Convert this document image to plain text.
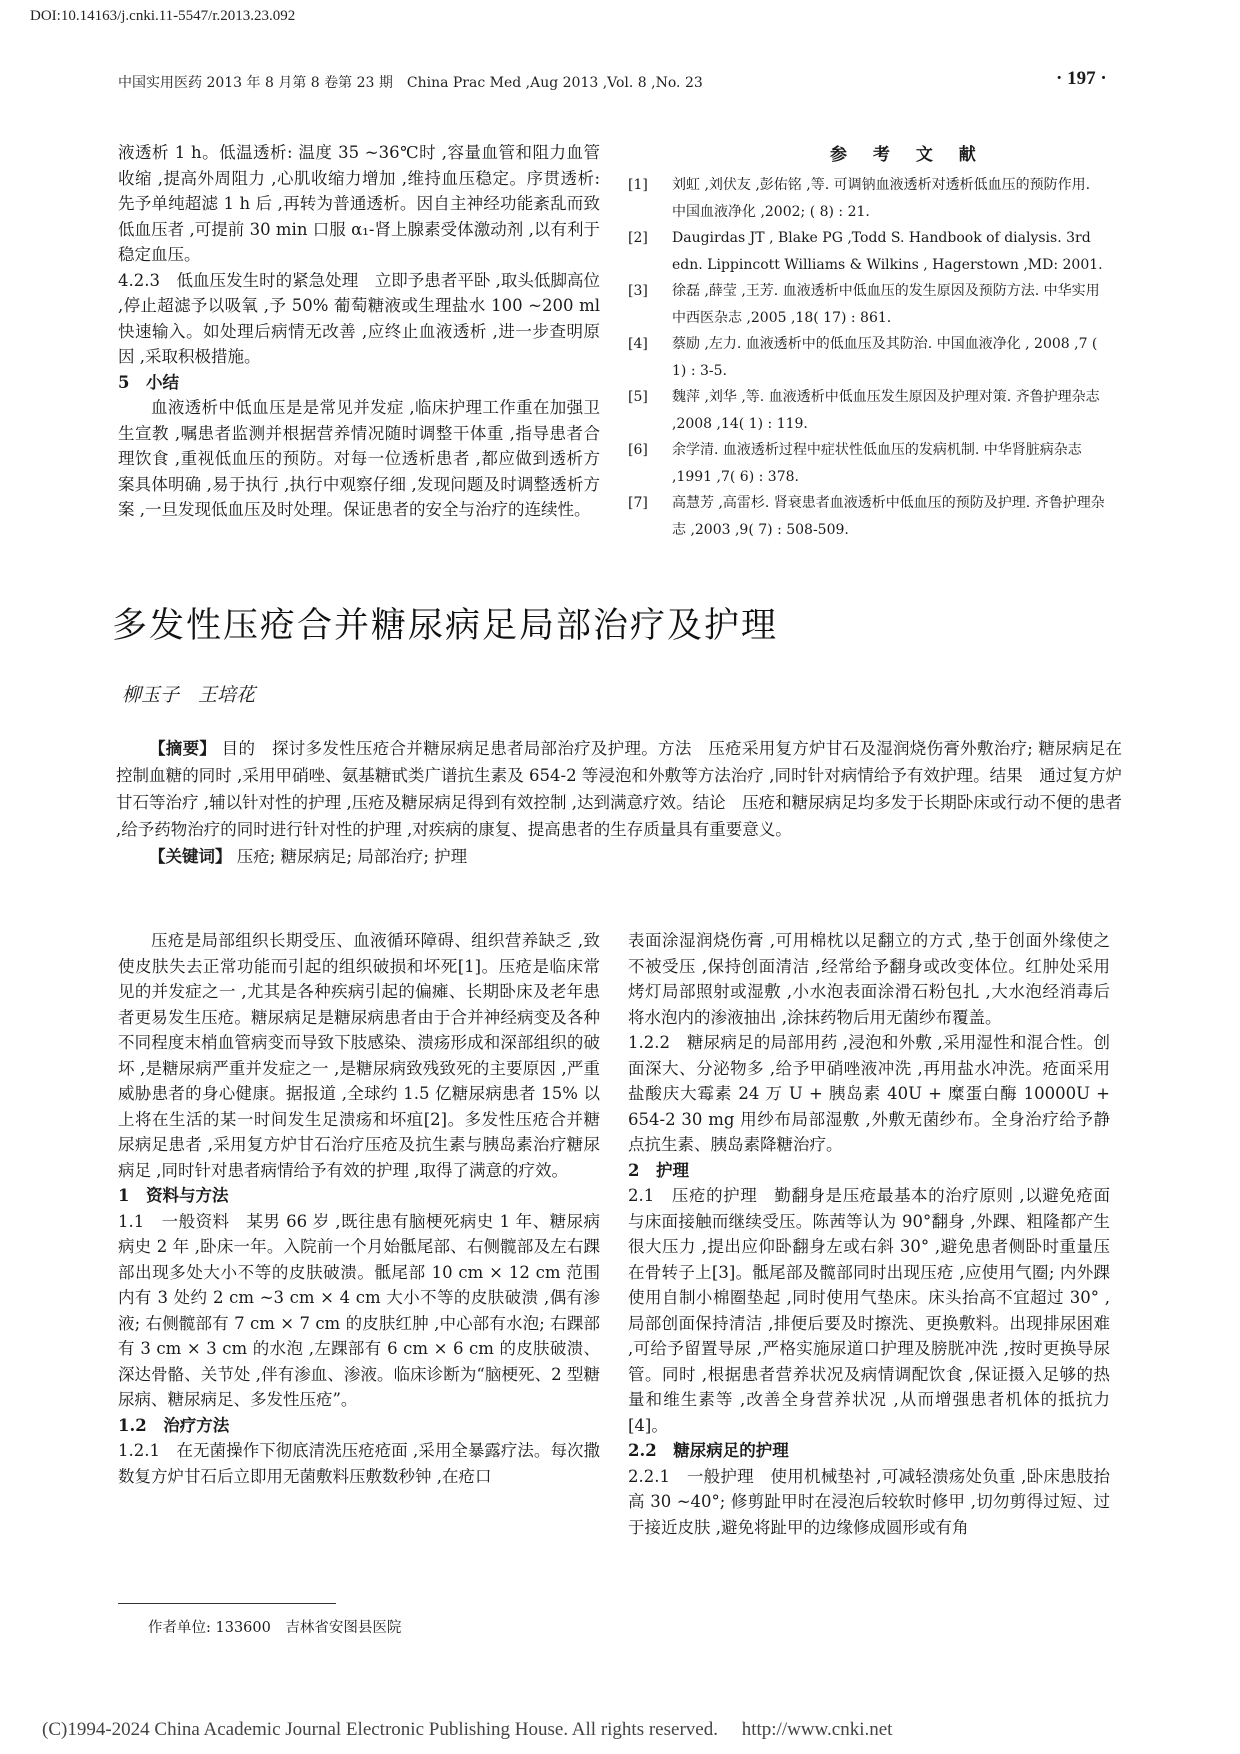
DOI:10.14163/j.cnki.11-5547/r.2013.23.092
中国实用医药 2013 年 8 月第 8 卷第 23 期　China Prac Med ,Aug 2013 ,Vol. 8 ,No. 23	· 197 ·

液透析 1 h。低温透析: 温度 35 ~36℃时 ,容量血管和阻力血管收缩 ,提高外周阻力 ,心肌收缩力增加 ,维持血压稳定。序贯透析: 先予单纯超滤 1 h 后 ,再转为普通透析。因自主神经功能紊乱而致低血压者 ,可提前 30 min 口服 α₁-肾上腺素受体激动剂 ,以有利于稳定血压。

4.2.3　低血压发生时的紧急处理　立即予患者平卧 ,取头低脚高位 ,停止超滤予以吸氧 ,予 50% 葡萄糖液或生理盐水 100 ~200 ml 快速输入。如处理后病情无改善 ,应终止血液透析 ,进一步查明原因 ,采取积极措施。

5　小结

血液透析中低血压是是常见并发症 ,临床护理工作重在加强卫生宣教 ,嘱患者监测并根据营养情况随时调整干体重 ,指导患者合理饮食 ,重视低血压的预防。对每一位透析患者 ,都应做到透析方案具体明确 ,易于执行 ,执行中观察仔细 ,发现问题及时调整透析方案 ,一旦发现低血压及时处理。保证患者的安全与治疗的连续性。

参 考 文 献
[1]	刘虹 ,刘伏友 ,彭佑铭 ,等. 可调钠血液透析对透析低血压的预防作用. 中国血液净化 ,2002; ( 8) : 21.
[2]	Daugirdas JT , Blake PG ,Todd S. Handbook of dialysis. 3rd edn. Lippincott Williams & Wilkins , Hagerstown ,MD: 2001.
[3]	徐磊 ,薛莹 ,王芳. 血液透析中低血压的发生原因及预防方法. 中华实用中西医杂志 ,2005 ,18( 17) : 861.
[4]	蔡励 ,左力. 血液透析中的低血压及其防治. 中国血液净化 , 2008 ,7 ( 1) : 3-5.
[5]	魏萍 ,刘华 ,等. 血液透析中低血压发生原因及护理对策. 齐鲁护理杂志 ,2008 ,14( 1) : 119.
[6]	余学清. 血液透析过程中症状性低血压的发病机制. 中华肾脏病杂志 ,1991 ,7( 6) : 378.
[7]	高慧芳 ,高雷杉. 肾衰患者血液透析中低血压的预防及护理. 齐鲁护理杂志 ,2003 ,9( 7) : 508-509.
多发性压疮合并糖尿病足局部治疗及护理
柳玉子　王培花

【摘要】 目的　探讨多发性压疮合并糖尿病足患者局部治疗及护理。方法　压疮采用复方炉甘石及湿润烧伤膏外敷治疗; 糖尿病足在控制血糖的同时 ,采用甲硝唑、氨基糖甙类广谱抗生素及 654-2 等浸泡和外敷等方法治疗 ,同时针对病情给予有效护理。结果　通过复方炉甘石等治疗 ,辅以针对性的护理 ,压疮及糖尿病足得到有效控制 ,达到满意疗效。结论　压疮和糖尿病足均多发于长期卧床或行动不便的患者 ,给予药物治疗的同时进行针对性的护理 ,对疾病的康复、提高患者的生存质量具有重要意义。

【关键词】 压疮; 糖尿病足; 局部治疗; 护理

压疮是局部组织长期受压、血液循环障碍、组织营养缺乏 ,致使皮肤失去正常功能而引起的组织破损和坏死[1]。压疮是临床常见的并发症之一 ,尤其是各种疾病引起的偏瘫、长期卧床及老年患者更易发生压疮。糖尿病足是糖尿病患者由于合并神经病变及各种不同程度末梢血管病变而导致下肢感染、溃疡形成和深部组织的破坏 ,是糖尿病严重并发症之一 ,是糖尿病致残致死的主要原因 ,严重威胁患者的身心健康。据报道 ,全球约 1.5 亿糖尿病患者 15% 以上将在生活的某一时间发生足溃疡和坏疽[2]。多发性压疮合并糖尿病足患者 ,采用复方炉甘石治疗压疮及抗生素与胰岛素治疗糖尿病足 ,同时针对患者病情给予有效的护理 ,取得了满意的疗效。

1　资料与方法

1.1　一般资料　某男 66 岁 ,既往患有脑梗死病史 1 年、糖尿病病史 2 年 ,卧床一年。入院前一个月始骶尾部、右侧髋部及左右踝部出现多处大小不等的皮肤破溃。骶尾部 10 cm × 12 cm 范围内有 3 处约 2 cm ~3 cm × 4 cm 大小不等的皮肤破溃 ,偶有渗液; 右侧髋部有 7 cm × 7 cm 的皮肤红肿 ,中心部有水泡; 右踝部有 3 cm × 3 cm 的水泡 ,左踝部有 6 cm × 6 cm 的皮肤破溃、深达骨骼、关节处 ,伴有渗血、渗液。临床诊断为“脑梗死、2 型糖尿病、糖尿病足、多发性压疮”。

1.2　治疗方法

1.2.1　在无菌操作下彻底清洗压疮疮面 ,采用全暴露疗法。每次撒数复方炉甘石后立即用无菌敷料压敷数秒钟 ,在疮口

表面涂湿润烧伤膏 ,可用棉枕以足翻立的方式 ,垫于创面外缘使之不被受压 ,保持创面清洁 ,经常给予翻身或改变体位。红肿处采用烤灯局部照射或湿敷 ,小水泡表面涂滑石粉包扎 ,大水泡经消毒后将水泡内的渗液抽出 ,涂抹药物后用无菌纱布覆盖。

1.2.2　糖尿病足的局部用药 ,浸泡和外敷 ,采用湿性和混合性。创面深大、分泌物多 ,给予甲硝唑液冲洗 ,再用盐水冲洗。疮面采用盐酸庆大霉素 24 万 U + 胰岛素 40U + 糜蛋白酶 10000U + 654-2 30 mg 用纱布局部湿敷 ,外敷无菌纱布。全身治疗给予静点抗生素、胰岛素降糖治疗。

2　护理

2.1　压疮的护理　勤翻身是压疮最基本的治疗原则 ,以避免疮面与床面接触而继续受压。陈茜等认为 90°翻身 ,外踝、粗隆都产生很大压力 ,提出应仰卧翻身左或右斜 30° ,避免患者侧卧时重量压在骨转子上[3]。骶尾部及髋部同时出现压疮 ,应使用气圈; 内外踝使用自制小棉圈垫起 ,同时使用气垫床。床头抬高不宜超过 30° ,局部创面保持清洁 ,排便后要及时擦洗、更换敷料。出现排尿困难 ,可给予留置导尿 ,严格实施尿道口护理及膀胱冲洗 ,按时更换导尿管。同时 ,根据患者营养状况及病情调配饮食 ,保证摄入足够的热量和维生素等 ,改善全身营养状况 ,从而增强患者机体的抵抗力[4]。

2.2　糖尿病足的护理

2.2.1　一般护理　使用机械垫衬 ,可减轻溃疡处负重 ,卧床患肢抬高 30 ~40°; 修剪趾甲时在浸泡后较软时修甲 ,切勿剪得过短、过于接近皮肤 ,避免将趾甲的边缘修成圆形或有角

作者单位: 133600　吉林省安图县医院
(C)1994-2024 China Academic Journal Electronic Publishing House. All rights reserved.　 http://www.cnki.net
